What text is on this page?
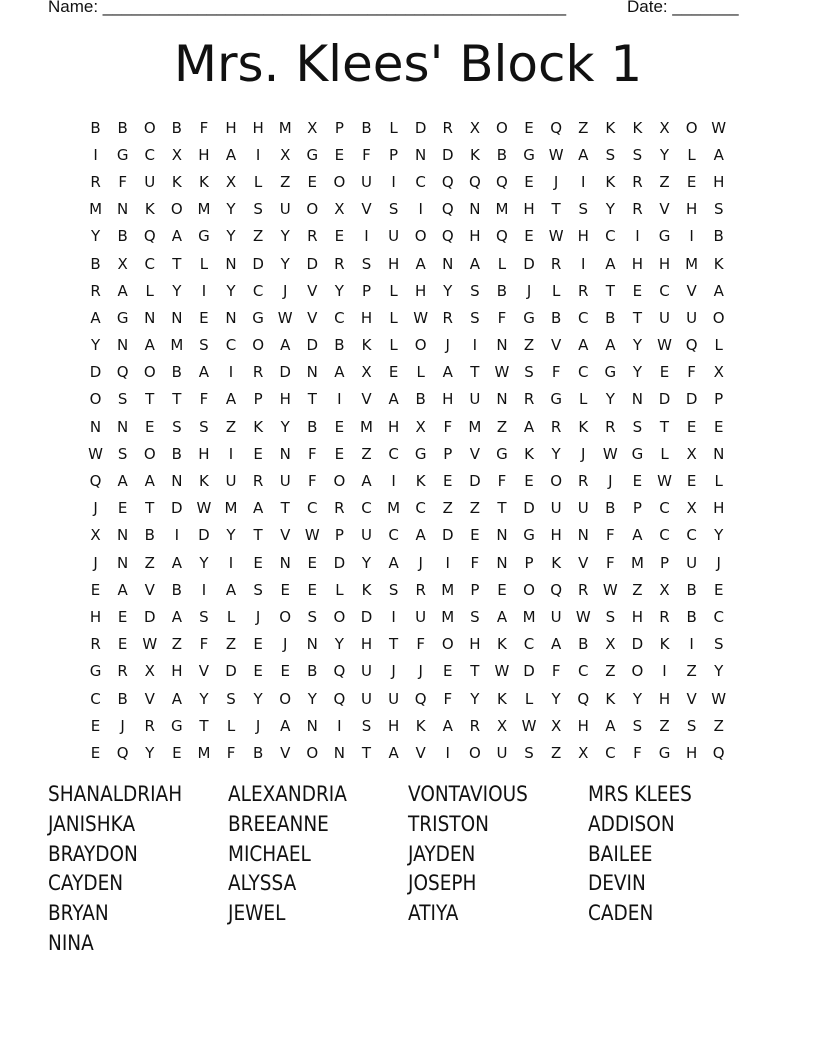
Name: _________________________________________________	Date: _______
Mrs. Klees' Block 1
B	B	O	B	F	H	H M	X	P	B	L	D	R	X	O	E	Q	Z	K	K	X	O W
I	G	C	X	H	A	I	X	G	E	F	P	N	D	K	B	G W A	S	S	Y	L	A
R	F	U	K	K	X	L	Z	E	O	U	I	C	Q	Q	Q	E	J	I	K	R	Z	E	H
M	N	K	O M	Y	S	U	O	X	V	S	I	Q	N	M H	T	S	Y	R	V	H	S
Y	B	Q	A	G	Y	Z	Y	R	E	I	U	O	Q	H	Q	E W H	C	I	G	I	B
B	X	C	T	L	N	D	Y	D	R	S	H	A	N	A	L	D	R	I	A	H	H M	K
R	A	L	Y	I	Y	C	J	V	Y	P	L	H	Y	S	B	J	L	R	T	E	C	V	A
A	G	N	N	E	N	G W V	C	H	L	W R	S	F	G	B	C	B	T	U	U	O
Y	N	A	M	S	C	O	A	D	B	K	L	O	J	I	N	Z	V	A	A	Y	W Q	L
D	Q	O	B	A	I	R	D	N	A	X	E	L	A	T	W S	F	C	G	Y	E	F	X
O	S	T	T	F	A	P	H	T	I	V	A	B	H	U	N	R	G	L	Y	N	D	D	P
N	N	E	S	S	Z	K	Y	B	E	M H	X	F	M	Z	A	R	K	R	S	T	E	E
W S	O	B	H	I	E	N	F	E	Z	C	G	P	V	G	K	Y	J	W G	L	X	N
Q	A	A	N	K	U	R	U	F	O	A	I	K	E	D	F	E	O	R	J	E W E	L
J	E	T	D W M	A	T	C	R	C	M	C	Z	Z	T	D	U	U	B	P	C	X	H
X	N	B	I	D	Y	T	V W	P	U	C	A	D	E	N	G	H	N	F	A	C	C	Y
J	N	Z	A	Y	I	E	N	E	D	Y	A	J	I	F	N	P	K	V	F	M	P	U	J
E	A	V	B	I	A	S	E	E	L	K	S	R	M	P	E	O	Q	R W Z	X	B	E
H	E	D	A	S	L	J	O	S	O	D	I	U	M	S	A	M	U W S	H	R	B	C
R	E W Z	F	Z	E	J	N	Y	H	T	F	O	H	K	C	A	B	X	D	K	I	S
G	R	X	H	V	D	E	E	B	Q	U	J	J	E	T	W D	F	C	Z	O	I	Z	Y
C	B	V	A	Y	S	Y	O	Y	Q	U	U	Q	F	Y	K	L	Y	Q	K	Y	H	V W
E	J	R	G	T	L	J	A	N	I	S	H	K	A	R	X W X	H	A	S	Z	S	Z
E	Q	Y	E	M	F	B	V	O	N	T	A	V	I	O	U	S	Z	X	C	F	G	H	Q
SHANALDRIAH	ALEXANDRIA	VONTAVIOUS	MRS KLEES
JANISHKA	BREEANNE	TRISTON	ADDISON
BRAYDON	MICHAEL	JAYDEN	BAILEE
CAYDEN	ALYSSA	JOSEPH	DEVIN
BRYAN	JEWEL	ATIYA	CADEN
NINA
